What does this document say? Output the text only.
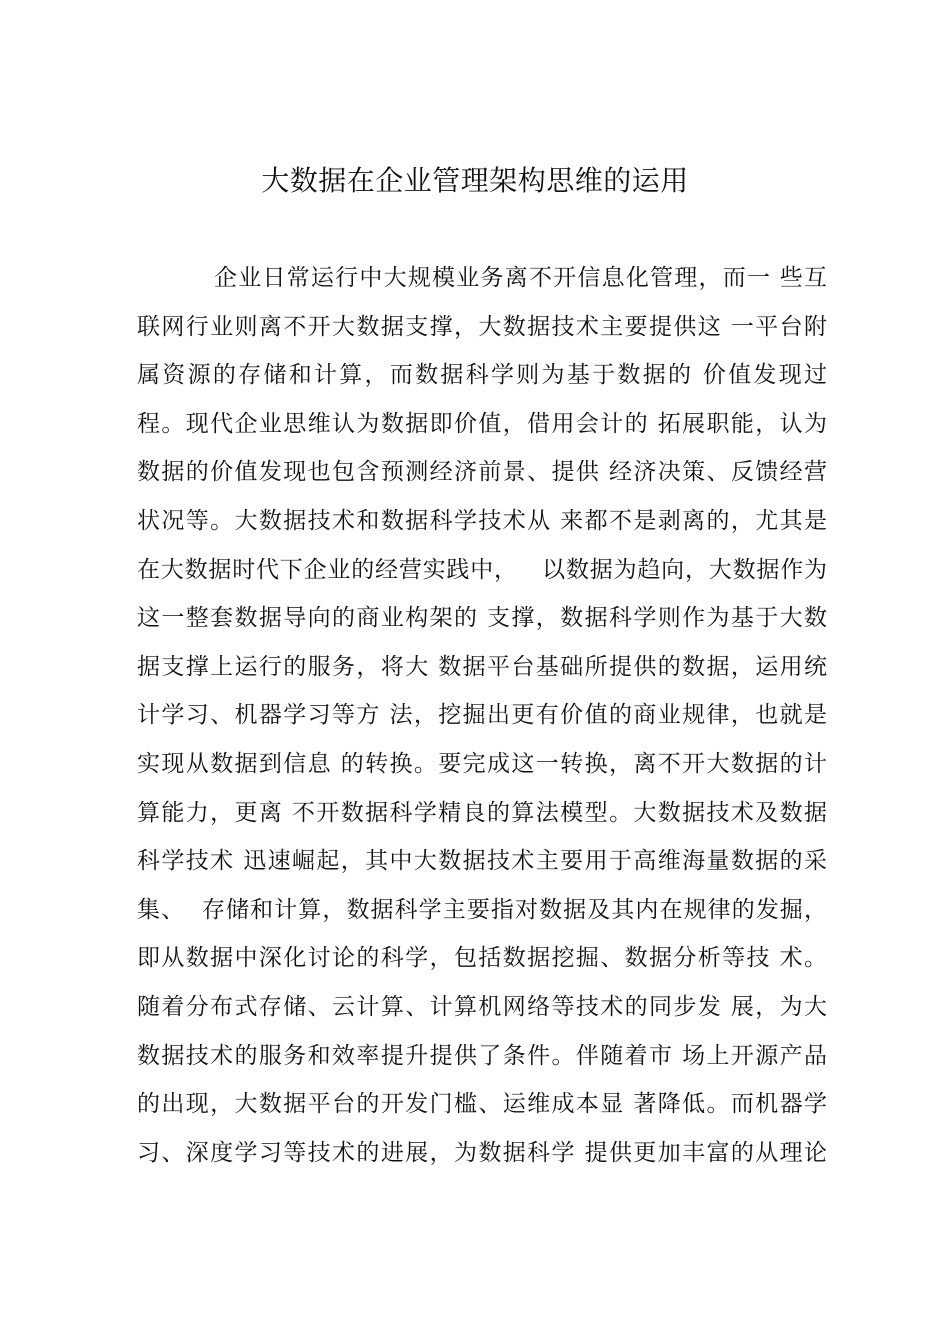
大数据在企业管理架构思维的运用
企业日常运行中大规模业务离不开信息化管理，而一 些互
联网行业则离不开大数据支撑，大数据技术主要提供这 一平台附
属资源的存储和计算，而数据科学则为基于数据的 价值发现过
程。现代企业思维认为数据即价值，借用会计的 拓展职能，认为
数据的价值发现也包含预测经济前景、提供 经济决策、反馈经营
状况等。大数据技术和数据科学技术从 来都不是剥离的，尤其是
在大数据时代下企业的经营实践中，   以数据为趋向，大数据作为
这一整套数据导向的商业构架的 支撑，数据科学则作为基于大数
据支撑上运行的服务，将大 数据平台基础所提供的数据，运用统
计学习、机器学习等方 法，挖掘出更有价值的商业规律，也就是
实现从数据到信息 的转换。要完成这一转换，离不开大数据的计
算能力，更离 不开数据科学精良的算法模型。大数据技术及数据
科学技术 迅速崛起，其中大数据技术主要用于高维海量数据的采
集、  存储和计算，数据科学主要指对数据及其内在规律的发掘，
即从数据中深化讨论的科学，包括数据挖掘、数据分析等技 术。
随着分布式存储、云计算、计算机网络等技术的同步发 展，为大
数据技术的服务和效率提升提供了条件。伴随着市 场上开源产品
的出现，大数据平台的开发门槛、运维成本显 著降低。而机器学
习、深度学习等技术的进展，为数据科学 提供更加丰富的从理论
